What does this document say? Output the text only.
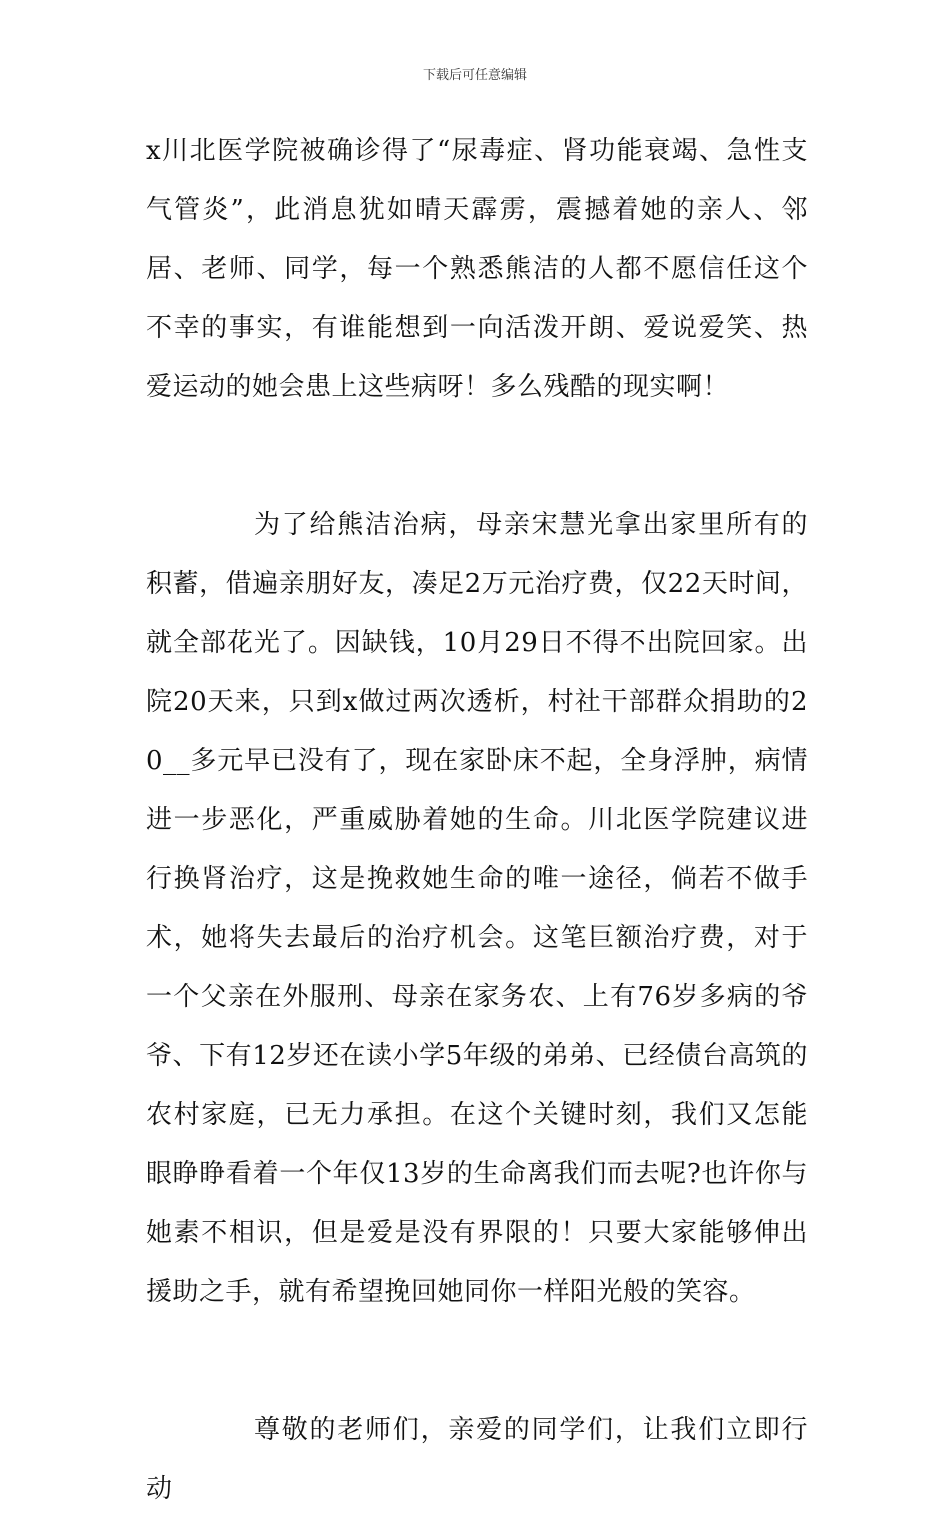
下载后可任意编辑

x川北医学院被确诊得了“尿毒症、肾功能衰竭、急性支气管炎”，此消息犹如晴天霹雳，震撼着她的亲人、邻居、老师、同学，每一个熟悉熊洁的人都不愿信任这个不幸的事实，有谁能想到一向活泼开朗、爱说爱笑、热爱运动的她会患上这些病呀！多么残酷的现实啊！

为了给熊洁治病，母亲宋慧光拿出家里所有的积蓄，借遍亲朋好友，凑足2万元治疗费，仅22天时间，就全部花光了。因缺钱，10月29日不得不出院回家。出院20天来，只到x做过两次透析，村社干部群众捐助的20__多元早已没有了，现在家卧床不起，全身浮肿，病情进一步恶化，严重威胁着她的生命。川北医学院建议进行换肾治疗，这是挽救她生命的唯一途径，倘若不做手术，她将失去最后的治疗机会。这笔巨额治疗费，对于一个父亲在外服刑、母亲在家务农、上有76岁多病的爷爷、下有12岁还在读小学5年级的弟弟、已经债台高筑的农村家庭，已无力承担。在这个关键时刻，我们又怎能眼睁睁看着一个年仅13岁的生命离我们而去呢?也许你与她素不相识，但是爱是没有界限的！只要大家能够伸出援助之手，就有希望挽回她同你一样阳光般的笑容。

尊敬的老师们，亲爱的同学们，让我们立即行动
